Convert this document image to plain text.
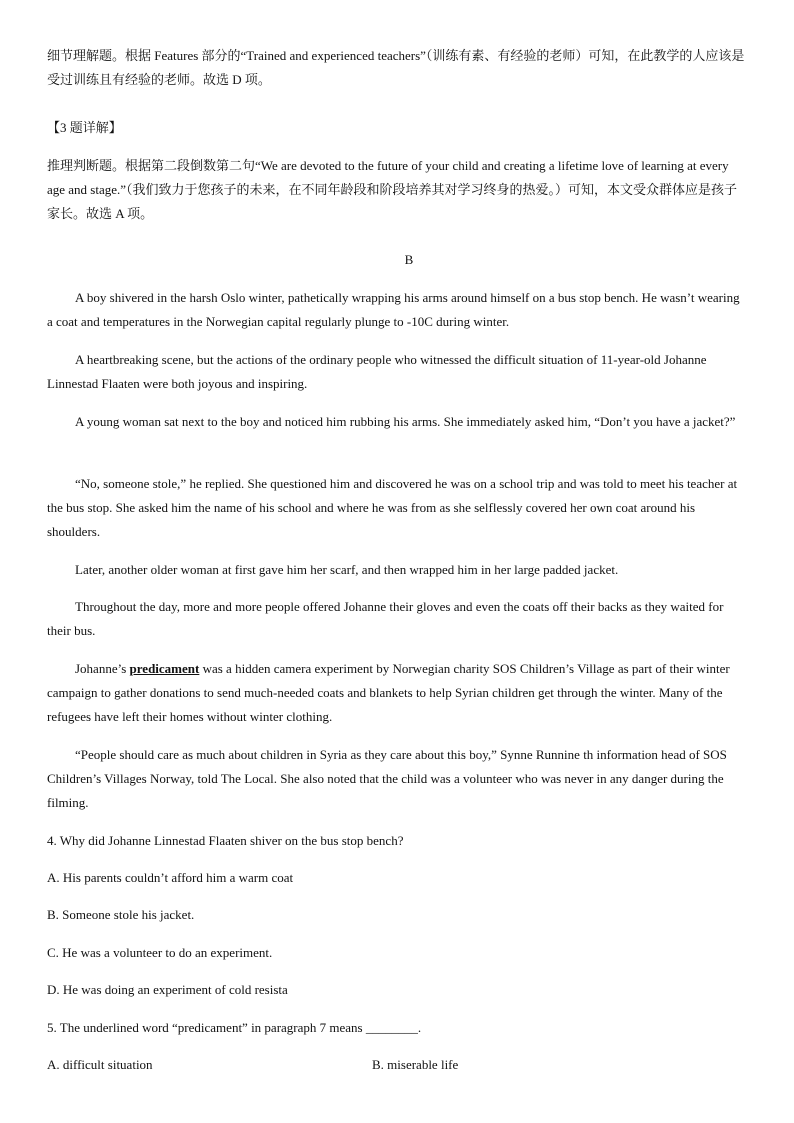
细节理解题。根据 Features 部分的“Trained and experienced teachers”（训练有素、有经验的老师）可知，在此教学的人应该是受过训练且有经验的老师。故选 D 项。

【3 题详解】

推理判断题。根据第二段倒数第二句“We are devoted to the future of your child and creating a lifetime love of learning at every age and stage.”（我们致力于您孩子的未来，在不同年龄段和阶段培养其对学习终身的热爱。）可知，本文受众群体应是孩子家长。故选 A 项。

B

A boy shivered in the harsh Oslo winter, pathetically wrapping his arms around himself on a bus stop bench. He wasn’t wearing a coat and temperatures in the Norwegian capital regularly plunge to -10C during winter.

A heartbreaking scene, but the actions of the ordinary people who witnessed the difficult situation of 11-year-old Johanne Linnestad Flaaten were both joyous and inspiring.

A young woman sat next to the boy and noticed him rubbing his arms. She immediately asked him, “Don’t you have a jacket?”

“No, someone stole,” he replied. She questioned him and discovered he was on a school trip and was told to meet his teacher at the bus stop. She asked him the name of his school and where he was from as she selflessly covered her own coat around his shoulders.

Later, another older woman at first gave him her scarf, and then wrapped him in her large padded jacket.

Throughout the day, more and more people offered Johanne their gloves and even the coats off their backs as they waited for their bus.

Johanne’s predicament was a hidden camera experiment by Norwegian charity SOS Children’s Village as part of their winter campaign to gather donations to send much-needed coats and blankets to help Syrian children get through the winter. Many of the refugees have left their homes without winter clothing.

“People should care as much about children in Syria as they care about this boy,” Synne Runnine th information head of SOS Children’s Villages Norway, told The Local. She also noted that the child was a volunteer who was never in any danger during the filming.

4. Why did Johanne Linnestad Flaaten shiver on the bus stop bench?

A. His parents couldn’t afford him a warm coat

B. Someone stole his jacket.

C. He was a volunteer to do an experiment.

D. He was doing an experiment of cold resista

5. The underlined word “predicament” in paragraph 7 means ________.

A. difficult situation	B. miserable life
